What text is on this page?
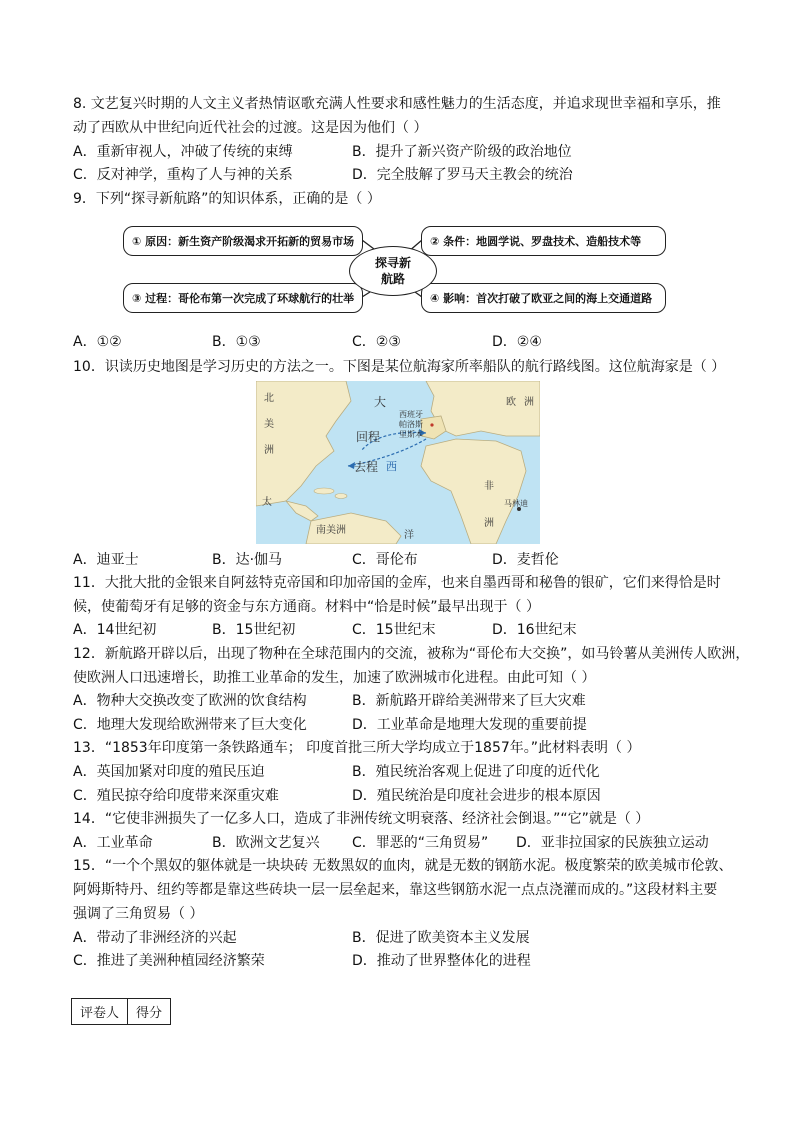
8. 文艺复兴时期的人文主义者热情讴歌充满人性要求和感性魅力的生活态度，并追求现世幸福和享乐，推
动了西欧从中世纪向近代社会的过渡。这是因为他们（ ）
A．重新审视人，冲破了传统的束缚	B．提升了新兴资产阶级的政治地位
C．反对神学，重构了人与神的关系	D．完全肢解了罗马天主教会的统治
9．下列“探寻新航路”的知识体系，正确的是（ ）
① 原因：新生资产阶级渴求开拓新的贸易市场	② 条件：地圆学说、罗盘技术、造船技术等
③ 过程：哥伦布第一次完成了环球航行的壮举	④ 影响：首次打破了欧亚之间的海上交通道路
探寻新
航路
A．①②	B．①③	C．②③	D．②④
10．识读历史地图是学习历史的方法之一。下图是某位航海家所率船队的航行路线图。这位航海家是（ ）
北
美
洲
大
西班牙
帕洛斯
里斯本
回程
去程 西
欧 洲
非
洲
马林迪
太
南美洲	洋
A．迪亚士	B．达·伽马	C．哥伦布	D．麦哲伦
11．大批大批的金银来自阿兹特克帝国和印加帝国的金库，也来自墨西哥和秘鲁的银矿，它们来得恰是时
候，使葡萄牙有足够的资金与东方通商。材料中“恰是时候”最早出现于（ ）
A．14世纪初	B．15世纪初	C．15世纪末	D．16世纪末
12．新航路开辟以后，出现了物种在全球范围内的交流，被称为“哥伦布大交换”，如马铃薯从美洲传人欧洲，
使欧洲人口迅速增长，助推工业革命的发生，加速了欧洲城市化进程。由此可知（ ）
A．物种大交换改变了欧洲的饮食结构	B．新航路开辟给美洲带来了巨大灾难
C．地理大发现给欧洲带来了巨大变化	D．工业革命是地理大发现的重要前提
13．“1853年印度第一条铁路通车； 印度首批三所大学均成立于1857年。”此材料表明（ ）
A．英国加紧对印度的殖民压迫	B．殖民统治客观上促进了印度的近代化
C．殖民掠夺给印度带来深重灾难	D．殖民统治是印度社会进步的根本原因
14．“它使非洲损失了一亿多人口，造成了非洲传统文明衰落、经济社会倒退。”“它”就是（ ）
A．工业革命	B．欧洲文艺复兴 C．罪恶的“三角贸易” D．亚非拉国家的民族独立运动
15．“一个个黑奴的躯体就是一块块砖 无数黑奴的血肉，就是无数的钢筋水泥。极度繁荣的欧美城市伦敦、
阿姆斯特丹、纽约等都是靠这些砖块一层一层垒起来，靠这些钢筋水泥一点点浇灌而成的。”这段材料主要
强调了三角贸易（ ）
A．带动了非洲经济的兴起	B．促进了欧美资本主义发展
C．推进了美洲种植园经济繁荣	D．推动了世界整体化的进程
评卷人	得分
